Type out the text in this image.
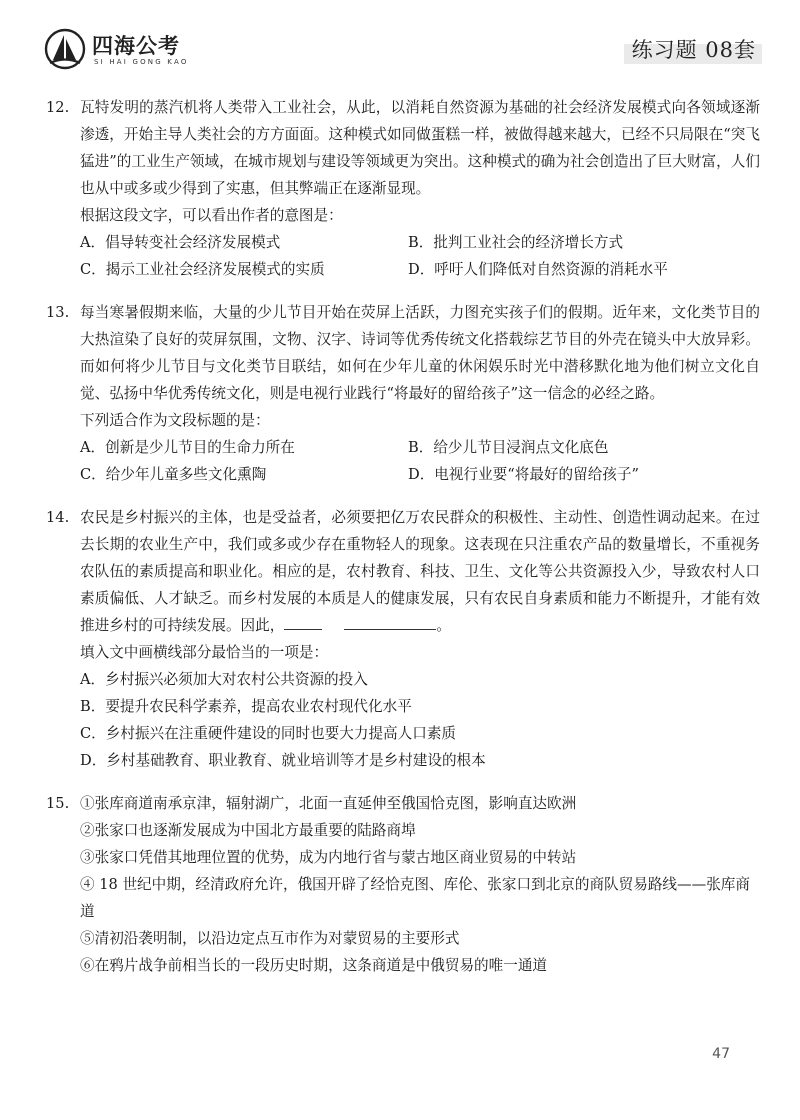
四海公考
SI HAI GONG KAO	练习题 08套
12. 瓦特发明的蒸汽机将人类带入工业社会，从此，以消耗自然资源为基础的社会经济发展模式向各领域逐渐渗透，开始主导人类社会的方方面面。这种模式如同做蛋糕一样，被做得越来越大，已经不只局限在“突飞猛进”的工业生产领域，在城市规划与建设等领域更为突出。这种模式的确为社会创造出了巨大财富，人们也从中或多或少得到了实惠，但其弊端正在逐渐显现。
根据这段文字，可以看出作者的意图是：
A．倡导转变社会经济发展模式	B．批判工业社会的经济增长方式
C．揭示工业社会经济发展模式的实质	D．呼吁人们降低对自然资源的消耗水平
13. 每当寒暑假期来临，大量的少儿节目开始在荧屏上活跃，力图充实孩子们的假期。近年来，文化类节目的大热渲染了良好的荧屏氛围，文物、汉字、诗词等优秀传统文化搭载综艺节目的外壳在镜头中大放异彩。而如何将少儿节目与文化类节目联结，如何在少年儿童的休闲娱乐时光中潜移默化地为他们树立文化自觉、弘扬中华优秀传统文化，则是电视行业践行“将最好的留给孩子”这一信念的必经之路。
下列适合作为文段标题的是：
A．创新是少儿节目的生命力所在	B．给少儿节目浸润点文化底色
C．给少年儿童多些文化熏陶	D．电视行业要“将最好的留给孩子”
14. 农民是乡村振兴的主体，也是受益者，必须要把亿万农民群众的积极性、主动性、创造性调动起来。在过去长期的农业生产中，我们或多或少存在重物轻人的现象。这表现在只注重农产品的数量增长，不重视务农队伍的素质提高和职业化。相应的是，农村教育、科技、卫生、文化等公共资源投入少，导致农村人口素质偏低、人才缺乏。而乡村发展的本质是人的健康发展，只有农民自身素质和能力不断提升，才能有效推进乡村的可持续发展。因此，	。
填入文中画横线部分最恰当的一项是：
A．乡村振兴必须加大对农村公共资源的投入
B．要提升农民科学素养，提高农业农村现代化水平
C．乡村振兴在注重硬件建设的同时也要大力提高人口素质
D．乡村基础教育、职业教育、就业培训等才是乡村建设的根本
15. ①张库商道南承京津，辐射湖广，北面一直延伸至俄国恰克图，影响直达欧洲
②张家口也逐渐发展成为中国北方最重要的陆路商埠
③张家口凭借其地理位置的优势，成为内地行省与蒙古地区商业贸易的中转站
④ 18 世纪中期，经清政府允许，俄国开辟了经恰克图、库伦、张家口到北京的商队贸易路线——张库商道
⑤清初沿袭明制，以沿边定点互市作为对蒙贸易的主要形式
⑥在鸦片战争前相当长的一段历史时期，这条商道是中俄贸易的唯一通道
47
